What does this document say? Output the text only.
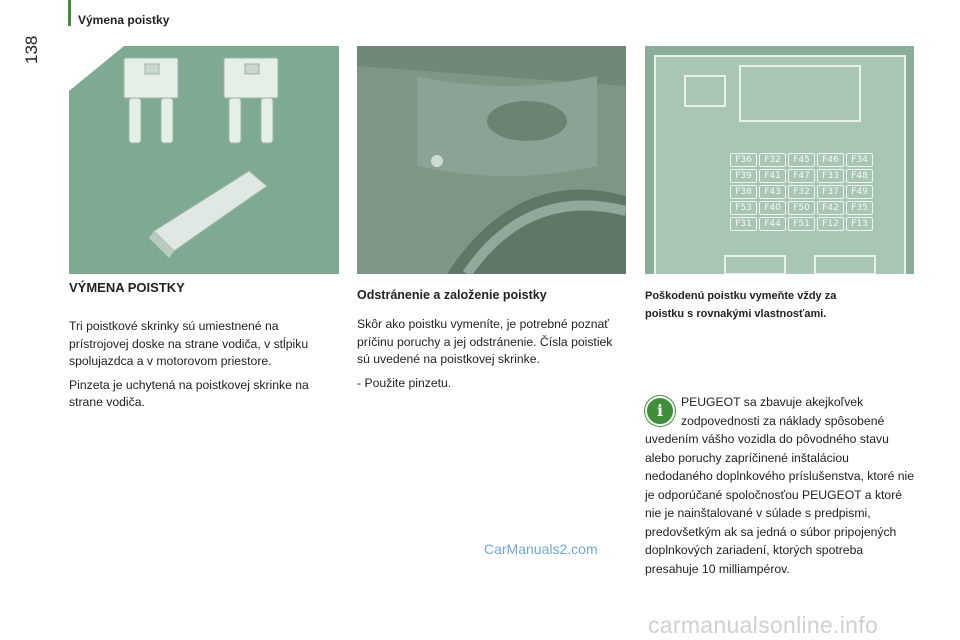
Výmena poistky
138
F36	F32	F45	F46	F34
F39	F41	F47	F33	F48
F38	F43	F32	F37	F49
F53	F40	F50	F42	F35
F31	F44	F51	F12	F13
VÝMENA POISTKY

Tri poistkové skrinky sú umiestnené na prístrojovej doske na strane vodiča, v stĺpiku spolujazdca a v motorovom priestore.

Pinzeta je uchytená na poistkovej skrinke na strane vodiča.

Odstránenie a založenie poistky

Skôr ako poistku vymeníte, je potrebné poznať príčinu poruchy a jej odstránenie. Čísla poistiek sú uvedené na poistkovej skrinke.

- Použite pinzetu.

Poškodenú poistku vymeňte vždy za poistku s rovnakými vlastnosťami.
i	PEUGEOT sa zbavuje akejkoľvek zodpovednosti za náklady spôsobené uvedením vášho vozidla do pôvodného stavu alebo poruchy zapríčinené inštaláciou nedodaného doplnkového príslušenstva, ktoré nie je odporúčané spoločnosťou PEUGEOT a ktoré nie je nainštalované v súlade s predpismi, predovšetkým ak sa jedná o súbor pripojených doplnkových zariadení, ktorých spotreba presahuje 10 milliampérov.
CarManuals2.com
carmanualsonline.info
